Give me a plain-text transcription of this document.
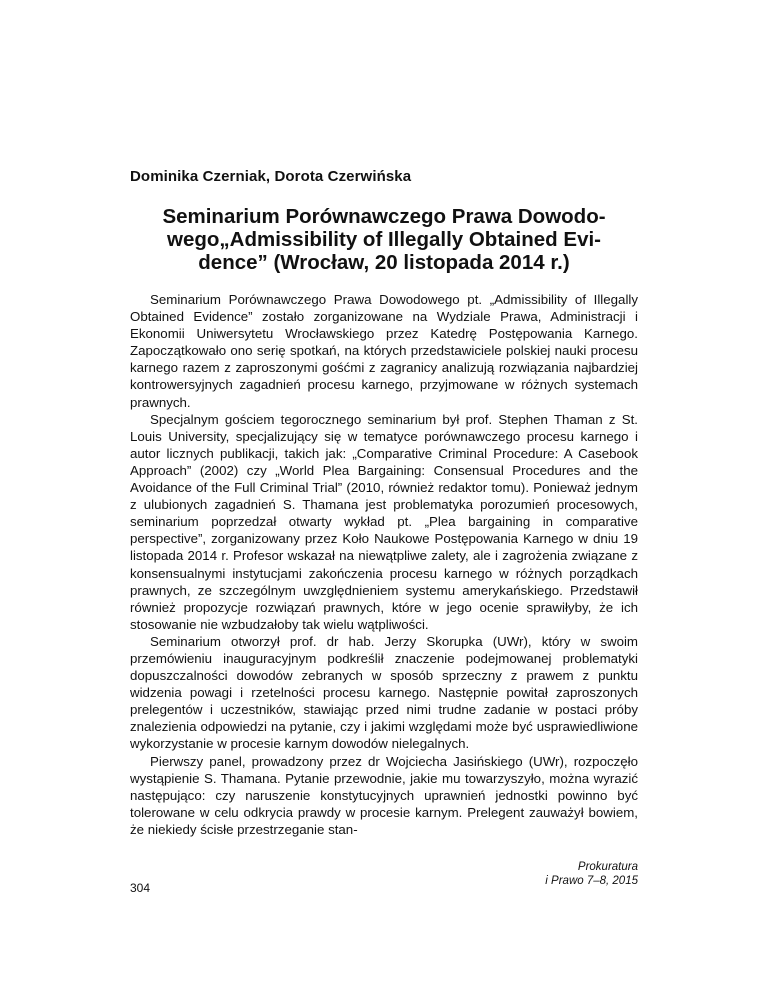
Dominika Czerniak, Dorota Czerwińska
Seminarium Porównawczego Prawa Dowodo-
wego„Admissibility of Illegally Obtained Evi-
dence” (Wrocław, 20 listopada 2014 r.)

Seminarium Porównawczego Prawa Dowodowego pt. „Admissibility of Illegally Obtained Evidence” zostało zorganizowane na Wydziale Prawa, Administracji i Ekonomii Uniwersytetu Wrocławskiego przez Katedrę Postępowania Karnego. Zapoczątkowało ono serię spotkań, na których przedstawiciele polskiej nauki procesu karnego razem z zaproszonymi gośćmi z zagranicy analizują rozwiązania najbardziej kontrowersyjnych zagadnień procesu karnego, przyjmowane w różnych systemach prawnych.

Specjalnym gościem tegorocznego seminarium był prof. Stephen Thaman z St. Louis University, specjalizujący się w tematyce porównawczego procesu karnego i autor licznych publikacji, takich jak: „Comparative Criminal Procedure: A Casebook Approach” (2002) czy „World Plea Bargaining: Consensual Procedures and the Avoidance of the Full Criminal Trial” (2010, również redaktor tomu). Ponieważ jednym z ulubionych zagadnień S. Thamana jest problematyka porozumień procesowych, seminarium poprzedzał otwarty wykład pt. „Plea bargaining in comparative perspective”, zorganizowany przez Koło Naukowe Postępowania Karnego w dniu 19 listopada 2014 r. Profesor wskazał na niewątpliwe zalety, ale i zagrożenia związane z konsensualnymi instytucjami zakończenia procesu karnego w różnych porządkach prawnych, ze szczególnym uwzględnieniem systemu amerykańskiego. Przedstawił również propozycje rozwiązań prawnych, które w jego ocenie sprawiłyby, że ich stosowanie nie wzbudzałoby tak wielu wątpliwości.

Seminarium otworzył prof. dr hab. Jerzy Skorupka (UWr), który w swoim przemówieniu inauguracyjnym podkreślił znaczenie podejmowanej problematyki dopuszczalności dowodów zebranych w sposób sprzeczny z prawem z punktu widzenia powagi i rzetelności procesu karnego. Następnie powitał zaproszonych prelegentów i uczestników, stawiając przed nimi trudne zadanie w postaci próby znalezienia odpowiedzi na pytanie, czy i jakimi względami może być usprawiedliwione wykorzystanie w procesie karnym dowodów nielegalnych.

Pierwszy panel, prowadzony przez dr Wojciecha Jasińskiego (UWr), rozpoczęło wystąpienie S. Thamana. Pytanie przewodnie, jakie mu towarzyszyło, można wyrazić następująco: czy naruszenie konstytucyjnych uprawnień jednostki powinno być tolerowane w celu odkrycia prawdy w procesie karnym. Prelegent zauważył bowiem, że niekiedy ścisłe przestrzeganie stan-

304
Prokuratura
i Prawo 7–8, 2015
